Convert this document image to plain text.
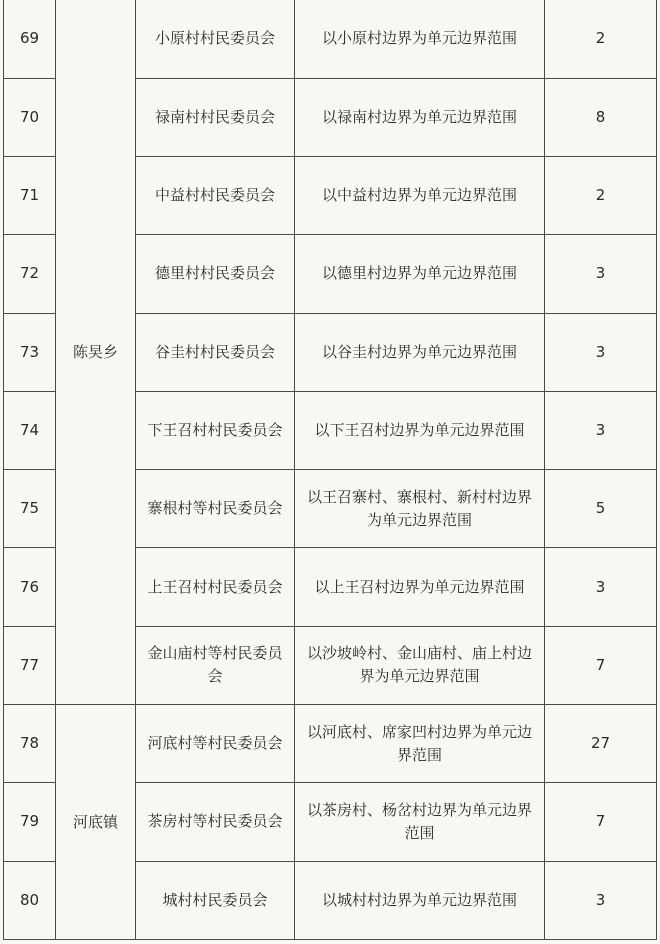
69	陈旲乡	小原村村民委员会	以小原村边界为单元边界范围	2
70		禄南村村民委员会	以禄南村边界为单元边界范围	8
71		中益村村民委员会	以中益村边界为单元边界范围	2
72		德里村村民委员会	以德里村边界为单元边界范围	3
73		谷圭村村民委员会	以谷圭村边界为单元边界范围	3
74		下王召村村民委员会	以下王召村边界为单元边界范围	3
75		寨根村等村民委员会	以王召寨村、寨根村、新村村边界为单元边界范围	5
76		上王召村村民委员会	以上王召村边界为单元边界范围	3
77		金山庙村等村民委员会	以沙坡岭村、金山庙村、庙上村边界为单元边界范围	7
78	河底镇	河底村等村民委员会	以河底村、席家凹村边界为单元边界范围	27
79		茶房村等村民委员会	以茶房村、杨岔村边界为单元边界范围	7
80		城村村民委员会	以城村村边界为单元边界范围	3
